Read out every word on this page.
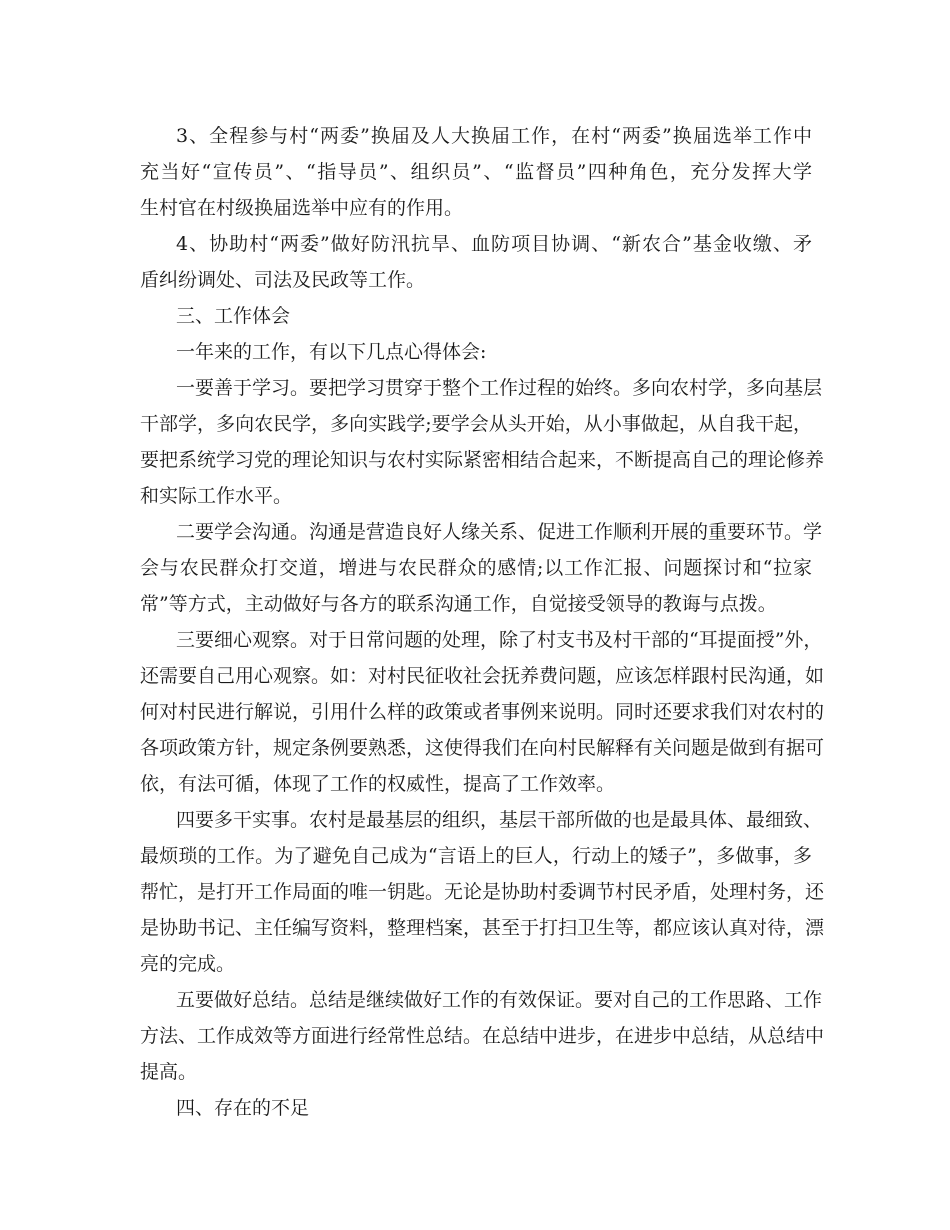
3、全程参与村“两委”换届及人大换届工作，在村“两委”换届选举工作中
充当好“宣传员”、“指导员”、组织员”、“监督员”四种角色，充分发挥大学
生村官在村级换届选举中应有的作用。
4、协助村“两委”做好防汛抗旱、血防项目协调、“新农合”基金收缴、矛
盾纠纷调处、司法及民政等工作。
三、工作体会
一年来的工作，有以下几点心得体会:
一要善于学习。要把学习贯穿于整个工作过程的始终。多向农村学，多向基层
干部学，多向农民学，多向实践学;要学会从头开始，从小事做起，从自我干起，
要把系统学习党的理论知识与农村实际紧密相结合起来，不断提高自己的理论修养
和实际工作水平。
二要学会沟通。沟通是营造良好人缘关系、促进工作顺利开展的重要环节。学
会与农民群众打交道，增进与农民群众的感情;以工作汇报、问题探讨和“拉家
常”等方式，主动做好与各方的联系沟通工作，自觉接受领导的教诲与点拨。
三要细心观察。对于日常问题的处理，除了村支书及村干部的“耳提面授”外，
还需要自己用心观察。如：对村民征收社会抚养费问题，应该怎样跟村民沟通，如
何对村民进行解说，引用什么样的政策或者事例来说明。同时还要求我们对农村的
各项政策方针，规定条例要熟悉，这使得我们在向村民解释有关问题是做到有据可
依，有法可循，体现了工作的权威性，提高了工作效率。
四要多干实事。农村是最基层的组织，基层干部所做的也是最具体、最细致、
最烦琐的工作。为了避免自己成为“言语上的巨人，行动上的矮子”，多做事，多
帮忙，是打开工作局面的唯一钥匙。无论是协助村委调节村民矛盾，处理村务，还
是协助书记、主任编写资料，整理档案，甚至于打扫卫生等，都应该认真对待，漂
亮的完成。
五要做好总结。总结是继续做好工作的有效保证。要对自己的工作思路、工作
方法、工作成效等方面进行经常性总结。在总结中进步，在进步中总结，从总结中
提高。
四、存在的不足
